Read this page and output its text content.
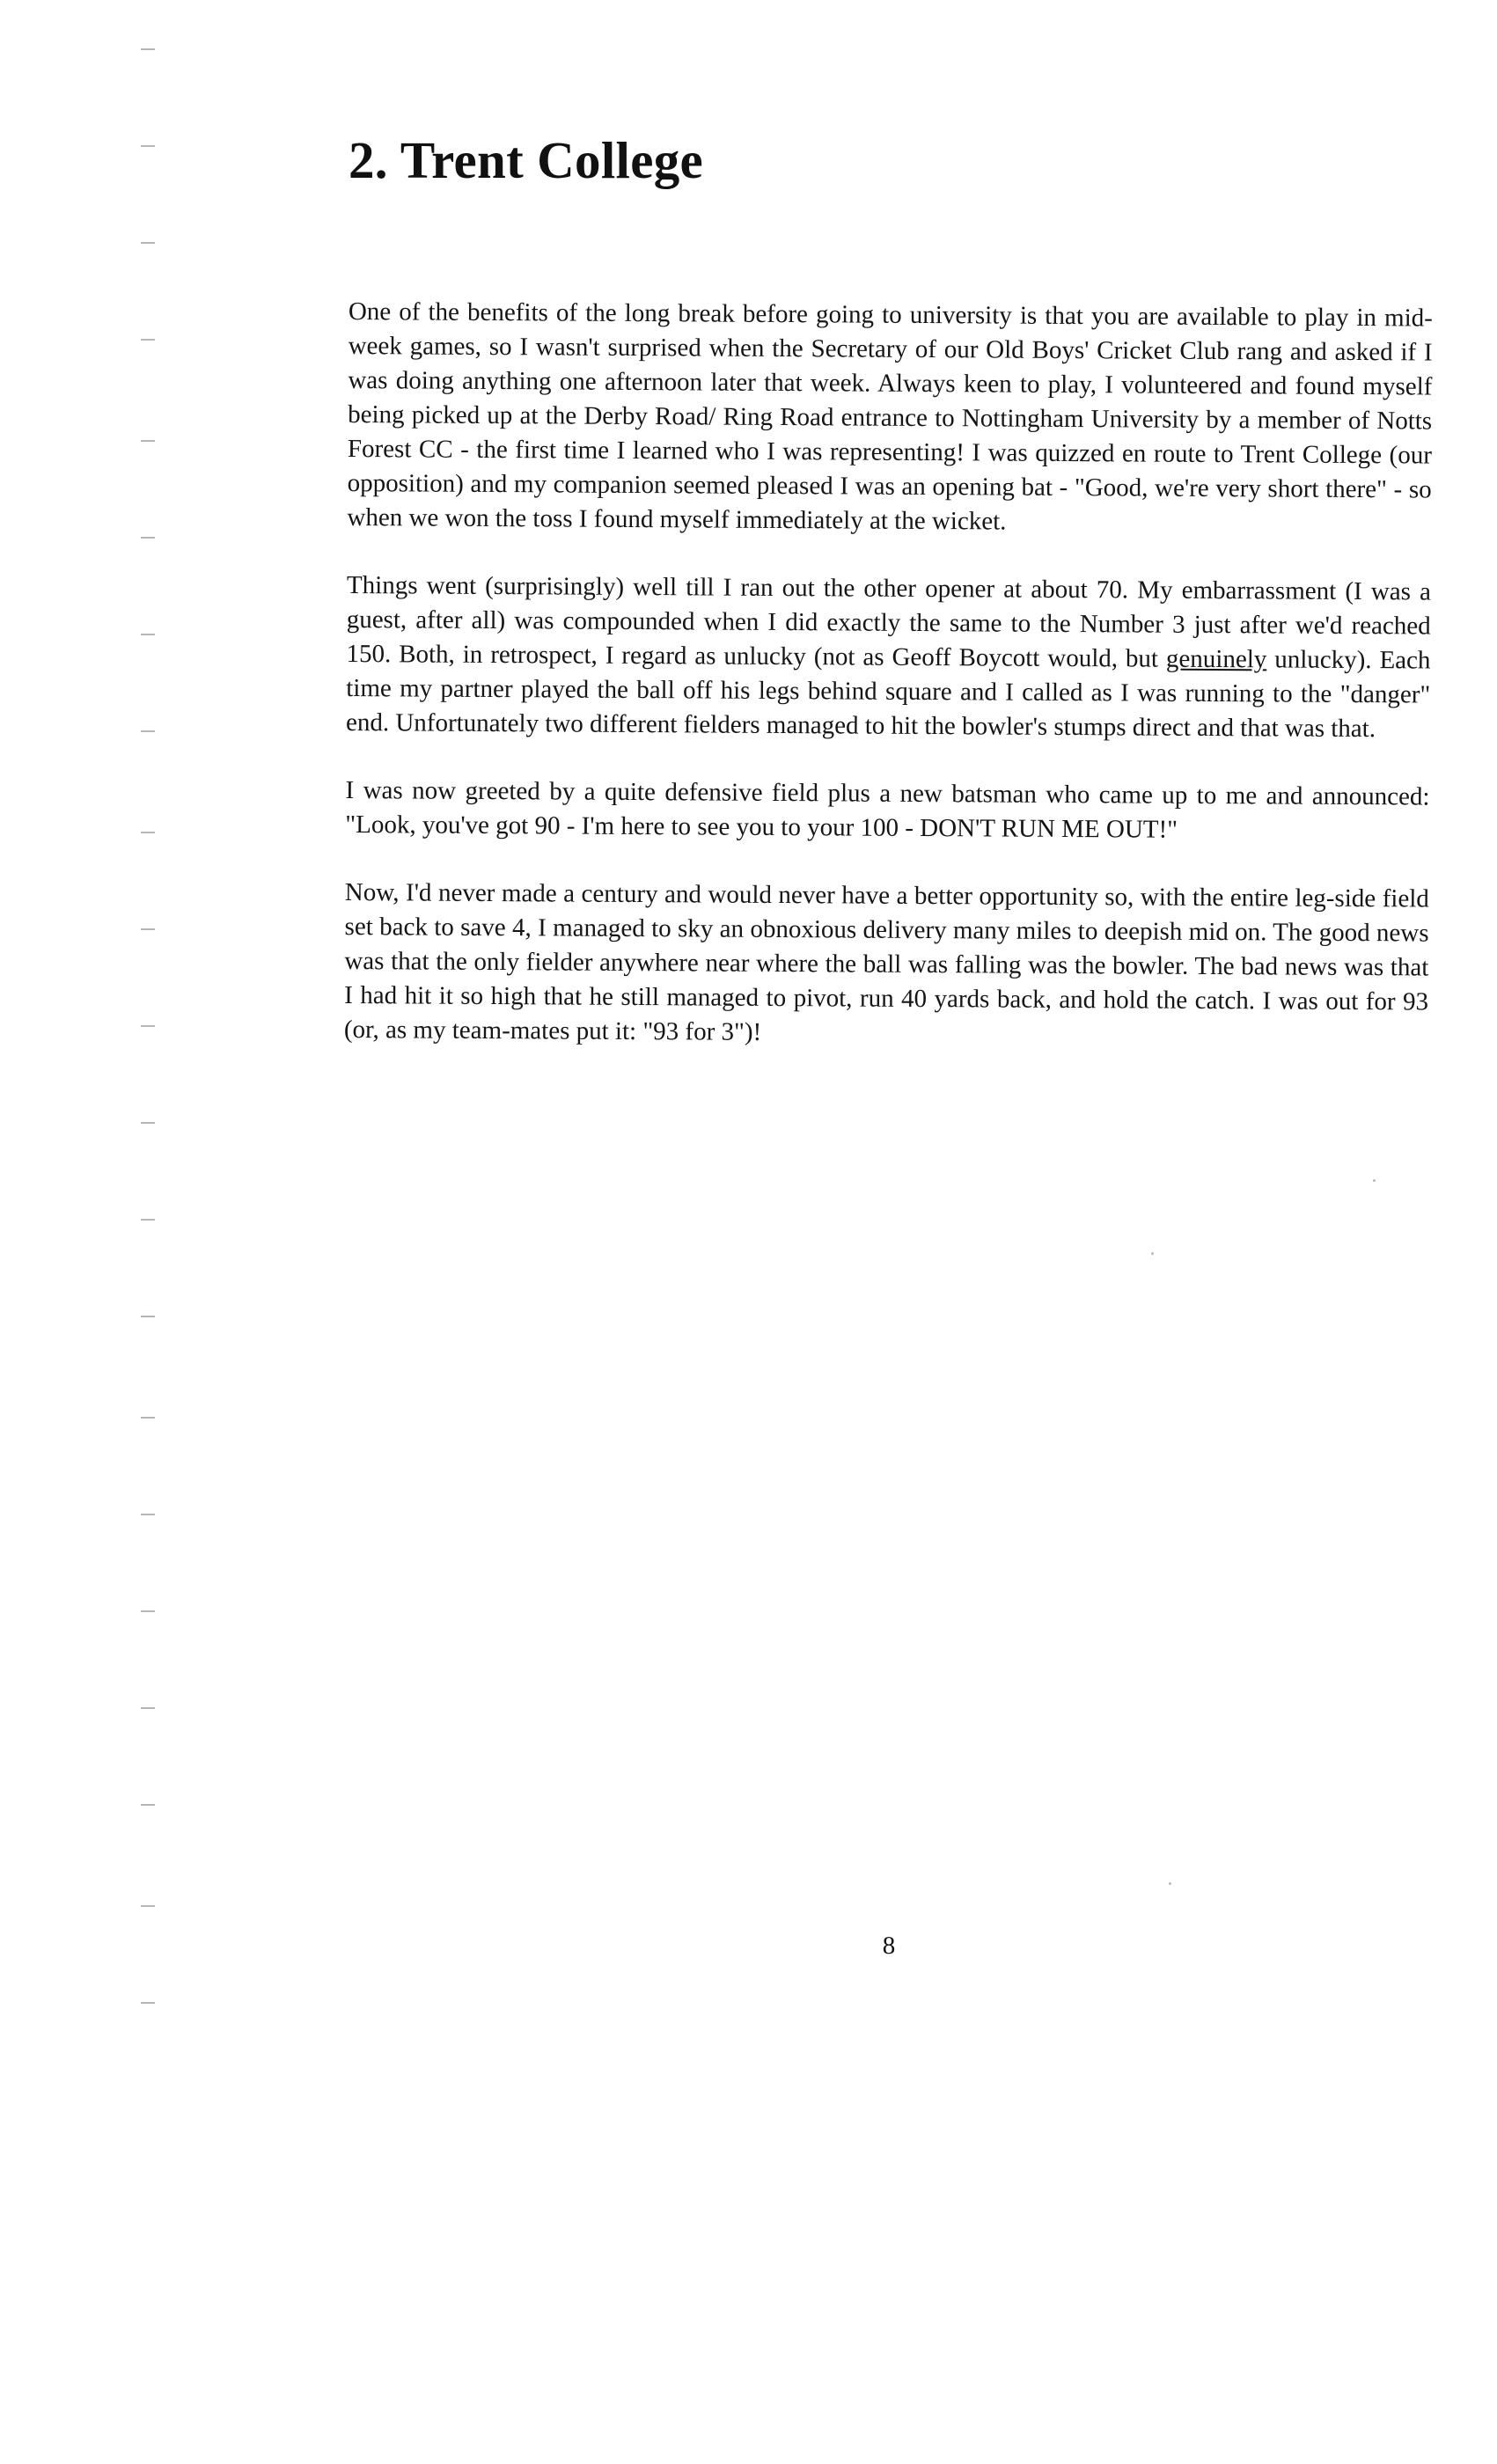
2. Trent College

One of the benefits of the long break before going to university is that you are available to play in mid-week games, so I wasn't surprised when the Secretary of our Old Boys' Cricket Club rang and asked if I was doing anything one afternoon later that week. Always keen to play, I volunteered and found myself being picked up at the Derby Road/ Ring Road entrance to Nottingham University by a member of Notts Forest CC - the first time I learned who I was representing! I was quizzed en route to Trent College (our opposition) and my companion seemed pleased I was an opening bat - "Good, we're very short there" - so when we won the toss I found myself immediately at the wicket.

Things went (surprisingly) well till I ran out the other opener at about 70. My embarrassment (I was a guest, after all) was compounded when I did exactly the same to the Number 3 just after we'd reached 150. Both, in retrospect, I regard as unlucky (not as Geoff Boycott would, but genuinely unlucky). Each time my partner played the ball off his legs behind square and I called as I was running to the "danger" end. Unfortunately two different fielders managed to hit the bowler's stumps direct and that was that.

I was now greeted by a quite defensive field plus a new batsman who came up to me and announced: "Look, you've got 90 - I'm here to see you to your 100 - DON'T RUN ME OUT!"

Now, I'd never made a century and would never have a better opportunity so, with the entire leg-side field set back to save 4, I managed to sky an obnoxious delivery many miles to deepish mid on. The good news was that the only fielder anywhere near where the ball was falling was the bowler. The bad news was that I had hit it so high that he still managed to pivot, run 40 yards back, and hold the catch. I was out for 93 (or, as my team-mates put it: "93 for 3")!

8
